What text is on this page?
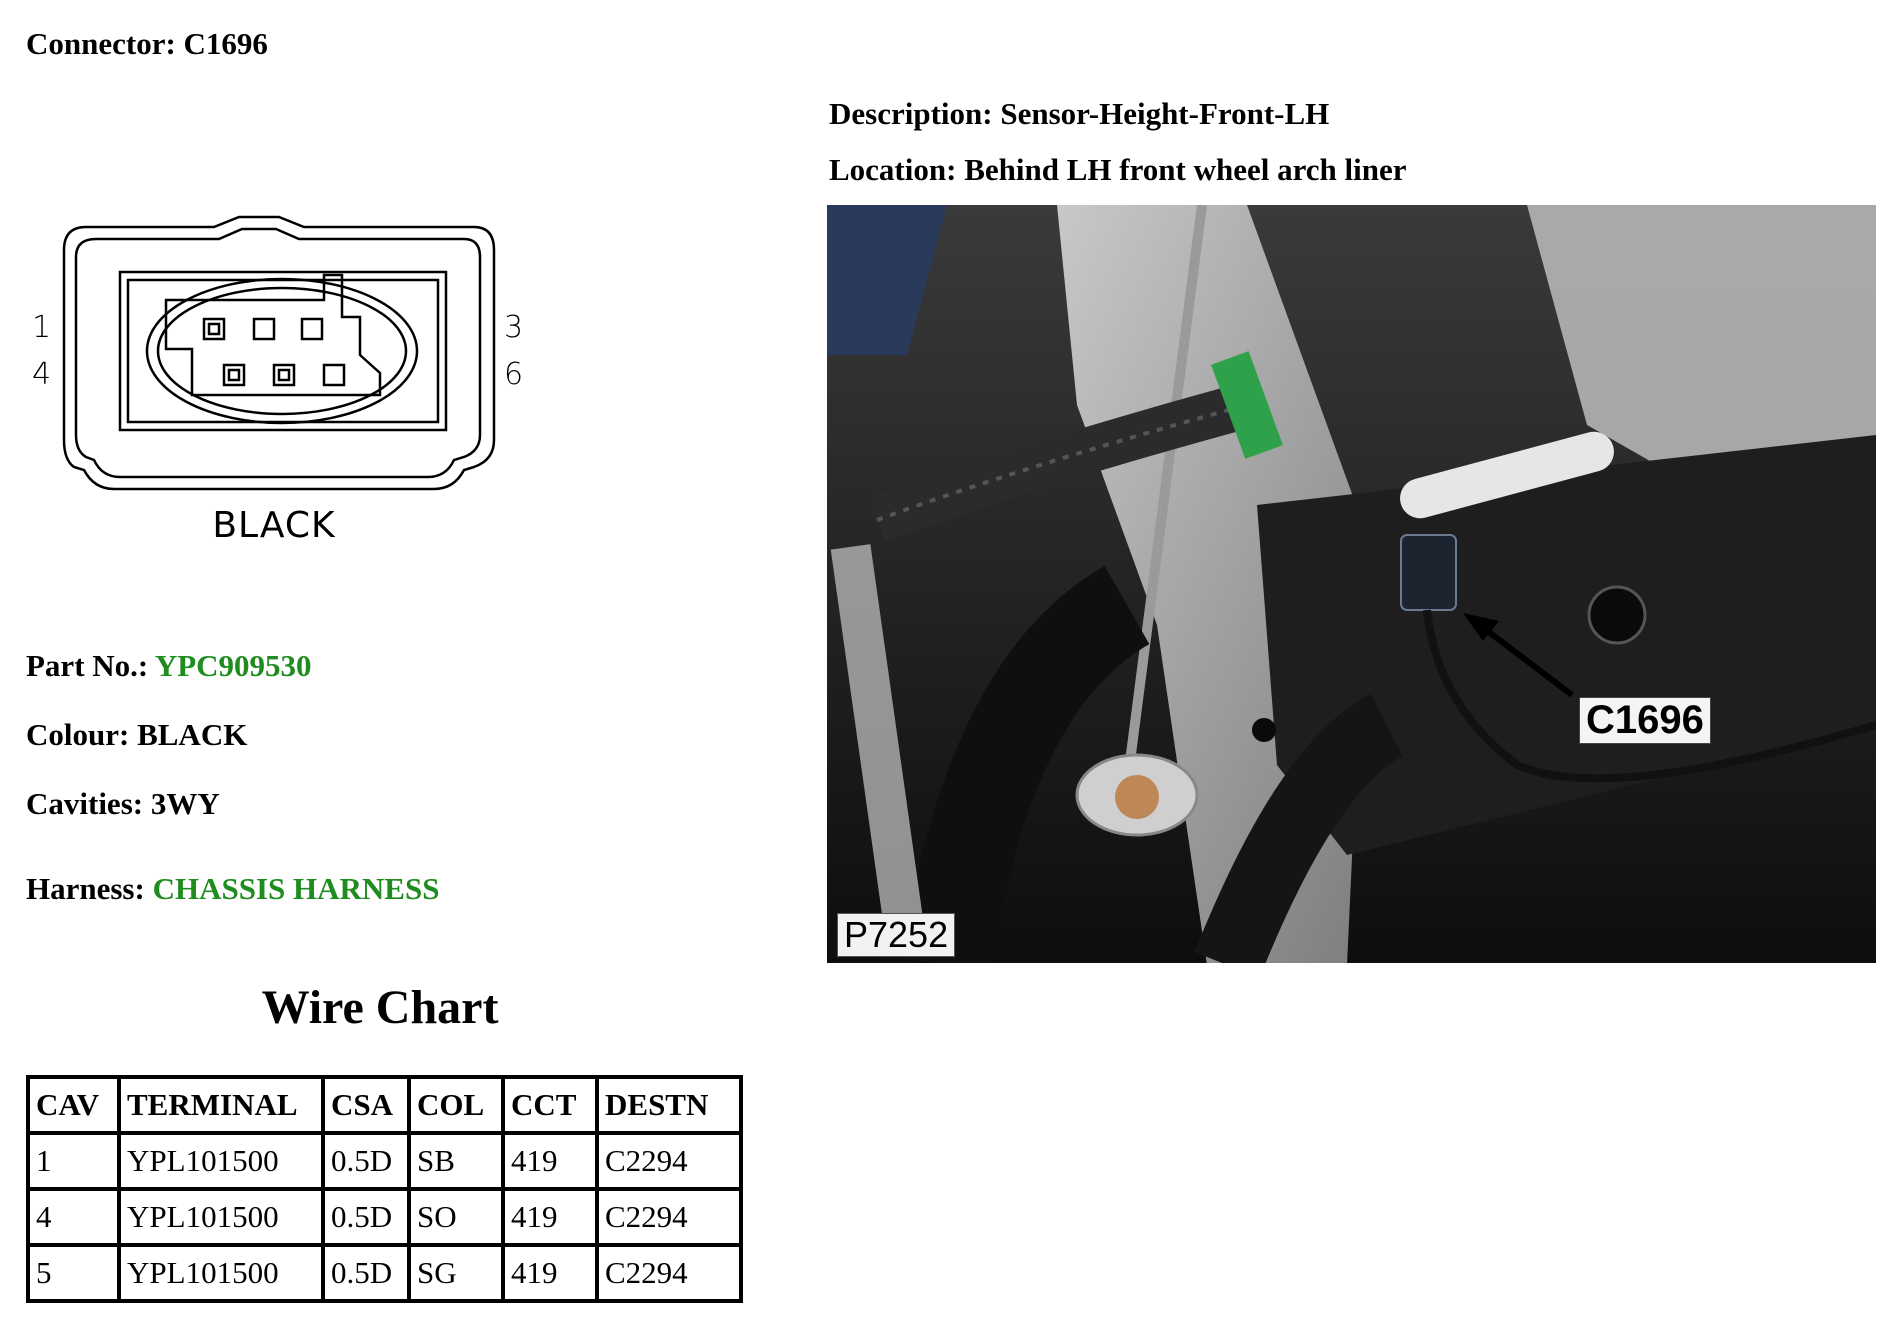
Connector: C1696
Description: Sensor-Height-Front-LH
Location: Behind LH front wheel arch liner
1
4
3
6
BLACK
Part No.: YPC909530
Colour: BLACK
Cavities: 3WY
Harness: CHASSIS HARNESS
Wire Chart
CAV	TERMINAL	CSA	COL	CCT	DESTN
1	YPL101500	0.5D	SB	419	C2294
4	YPL101500	0.5D	SO	419	C2294
5	YPL101500	0.5D	SG	419	C2294
C1696
P7252
